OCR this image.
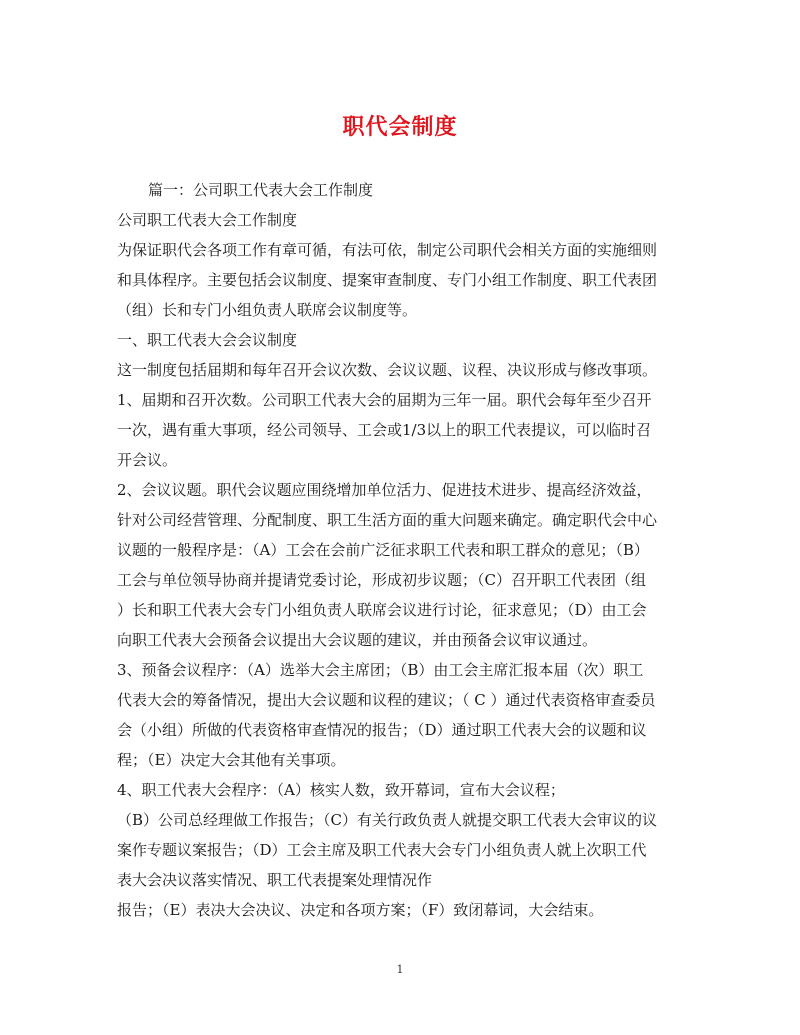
职代会制度
篇一：公司职工代表大会工作制度
公司职工代表大会工作制度
为保证职代会各项工作有章可循，有法可依，制定公司职代会相关方面的实施细则
和具体程序。主要包括会议制度、提案审查制度、专门小组工作制度、职工代表团
（组）长和专门小组负责人联席会议制度等。
一、职工代表大会会议制度
这一制度包括届期和每年召开会议次数、会议议题、议程、决议形成与修改事项。
1、届期和召开次数。公司职工代表大会的届期为三年一届。职代会每年至少召开
一次，遇有重大事项，经公司领导、工会或1/3以上的职工代表提议，可以临时召
开会议。
2、会议议题。职代会议题应围绕增加单位活力、促进技术进步、提高经济效益，
针对公司经营管理、分配制度、职工生活方面的重大问题来确定。确定职代会中心
议题的一般程序是：（A）工会在会前广泛征求职工代表和职工群众的意见；（B）
工会与单位领导协商并提请党委讨论，形成初步议题；（C）召开职工代表团（组
）长和职工代表大会专门小组负责人联席会议进行讨论，征求意见；（D）由工会
向职工代表大会预备会议提出大会议题的建议，并由预备会议审议通过。
3、预备会议程序：（A）选举大会主席团；（B）由工会主席汇报本届（次）职工
代表大会的筹备情况，提出大会议题和议程的建议；（ C ）通过代表资格审查委员
会（小组）所做的代表资格审查情况的报告；（D）通过职工代表大会的议题和议
程；（E）决定大会其他有关事项。
4、职工代表大会程序：（A）核实人数，致开幕词，宣布大会议程；
（B）公司总经理做工作报告；（C）有关行政负责人就提交职工代表大会审议的议
案作专题议案报告；（D）工会主席及职工代表大会专门小组负责人就上次职工代
表大会决议落实情况、职工代表提案处理情况作
报告；（E）表决大会决议、决定和各项方案；（F）致闭幕词，大会结束。
1
